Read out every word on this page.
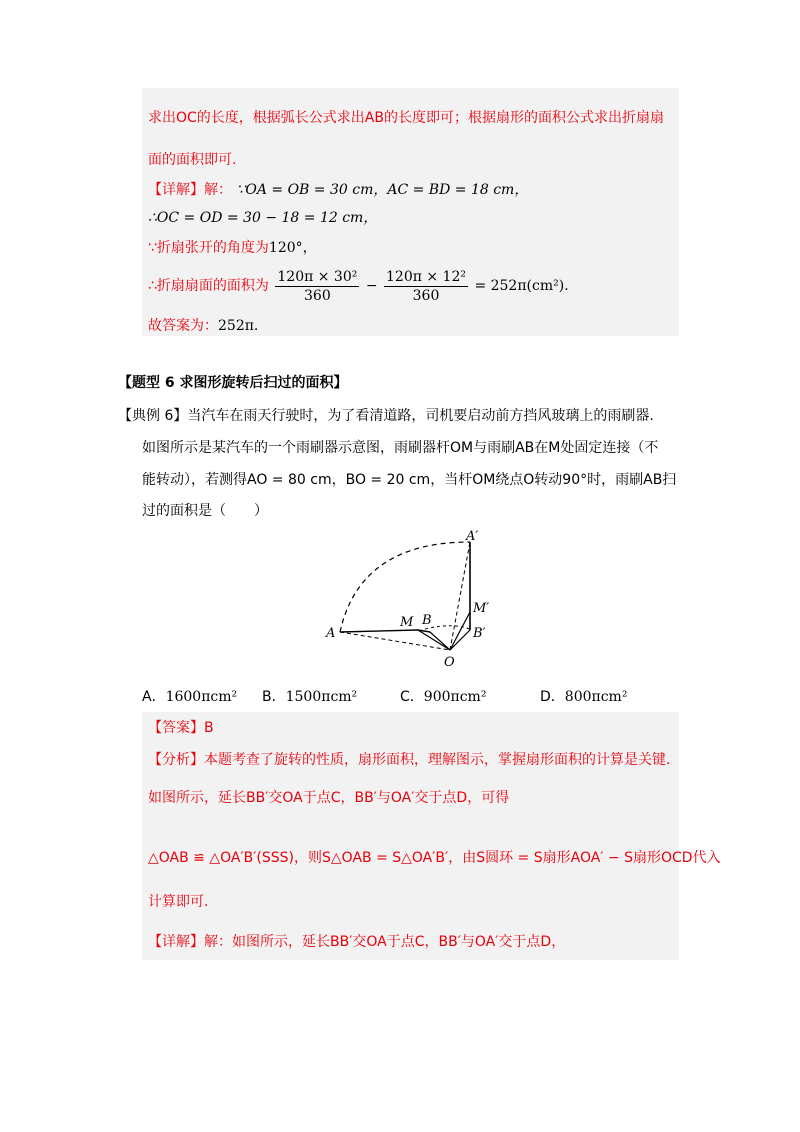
求出OC的长度，根据弧长公式求出AB的长度即可；根据扇形的面积公式求出折扇扇
面的面积即可.
【详解】解： ∵OA = OB = 30 cm，AC = BD = 18 cm，
∴OC = OD = 30 − 18 = 12 cm，
∵折扇张开的角度为120°，
∴折扇扇面的面积为 $\frac{\text{120π × 30²}}{360} - \frac{\text{120π × 12²}}{360} = 252\pi(cm^2)$.
故答案为：252π.
【题型 6 求图形旋转后扫过的面积】
【典例 6】当汽车在雨天行驶时，为了看清道路，司机要启动前方挡风玻璃上的雨刷器.
如图所示是某汽车的一个雨刷器示意图，雨刷器杆OM与雨刷AB在M处固定连接（不
能转动），若测得AO = 80 cm，BO = 20 cm，当杆OM绕点O转动90°时，雨刷AB扫
过的面积是（　　）
A
A′
M B
M′
B′
O
A．1600πcm² B．1500πcm²	C．900πcm²	D．800πcm²
【答案】B
【分析】本题考查了旋转的性质，扇形面积，理解图示，掌握扇形面积的计算是关键.
如图所示，延长BB′交OA于点C，BB′与OA′交于点D，可得
△OAB ≌ △OA′B′(SSS)，则S△OAB = S△OA′B′，由S圆环 = S扇形AOA′ − S扇形OCD代入
计算即可.
【详解】解：如图所示，延长BB′交OA于点C，BB′与OA′交于点D，
